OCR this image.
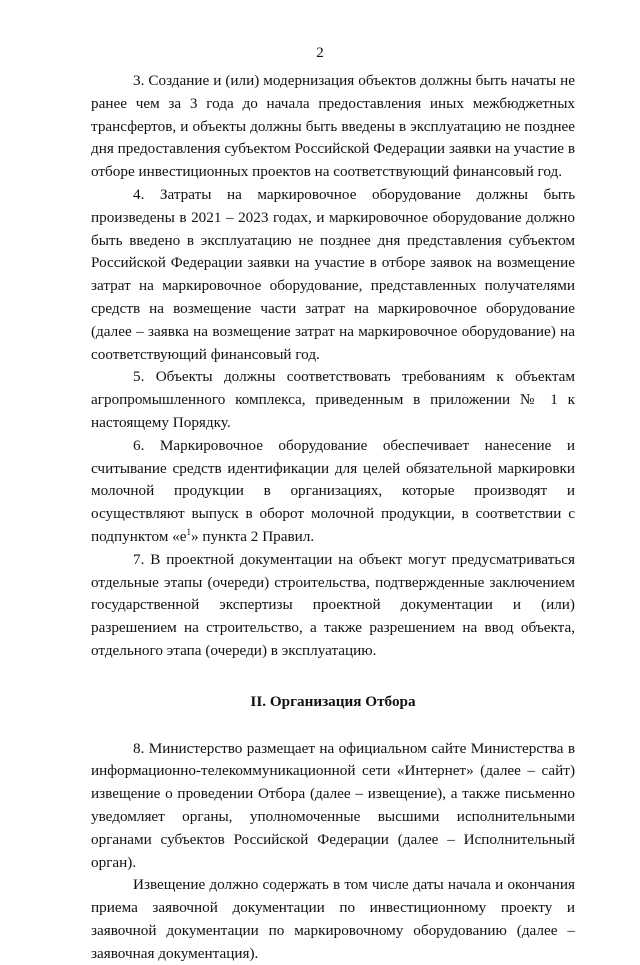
2

3. Создание и (или) модернизация объектов должны быть начаты не ранее чем за 3 года до начала предоставления иных межбюджетных трансфертов, и объекты должны быть введены в эксплуатацию не позднее дня предоставления субъектом Российской Федерации заявки на участие в отборе инвестиционных проектов на соответствующий финансовый год.

4. Затраты на маркировочное оборудование должны быть произведены в 2021 – 2023 годах, и маркировочное оборудование должно быть введено в эксплуатацию не позднее дня представления субъектом Российской Федерации заявки на участие в отборе заявок на возмещение затрат на маркировочное оборудование, представленных получателями средств на возмещение части затрат на маркировочное оборудование (далее – заявка на возмещение затрат на маркировочное оборудование) на соответствующий финансовый год.

5. Объекты должны соответствовать требованиям к объектам агропромышленного комплекса, приведенным в приложении № 1 к настоящему Порядку.

6. Маркировочное оборудование обеспечивает нанесение и считывание средств идентификации для целей обязательной маркировки молочной продукции в организациях, которые производят и осуществляют выпуск в оборот молочной продукции, в соответствии с подпунктом «$е^1$» пункта 2 Правил.

7. В проектной документации на объект могут предусматриваться отдельные этапы (очереди) строительства, подтвержденные заключением государственной экспертизы проектной документации и (или) разрешением на строительство, а также разрешением на ввод объекта, отдельного этапа (очереди) в эксплуатацию.

II. Организация Отбора

8. Министерство размещает на официальном сайте Министерства в информационно-телекоммуникационной сети «Интернет» (далее – сайт) извещение о проведении Отбора (далее – извещение), а также письменно уведомляет органы, уполномоченные высшими исполнительными органами субъектов Российской Федерации (далее – Исполнительный орган).

Извещение должно содержать в том числе даты начала и окончания приема заявочной документации по инвестиционному проекту и заявочной документации по маркировочному оборудованию (далее – заявочная документация).
